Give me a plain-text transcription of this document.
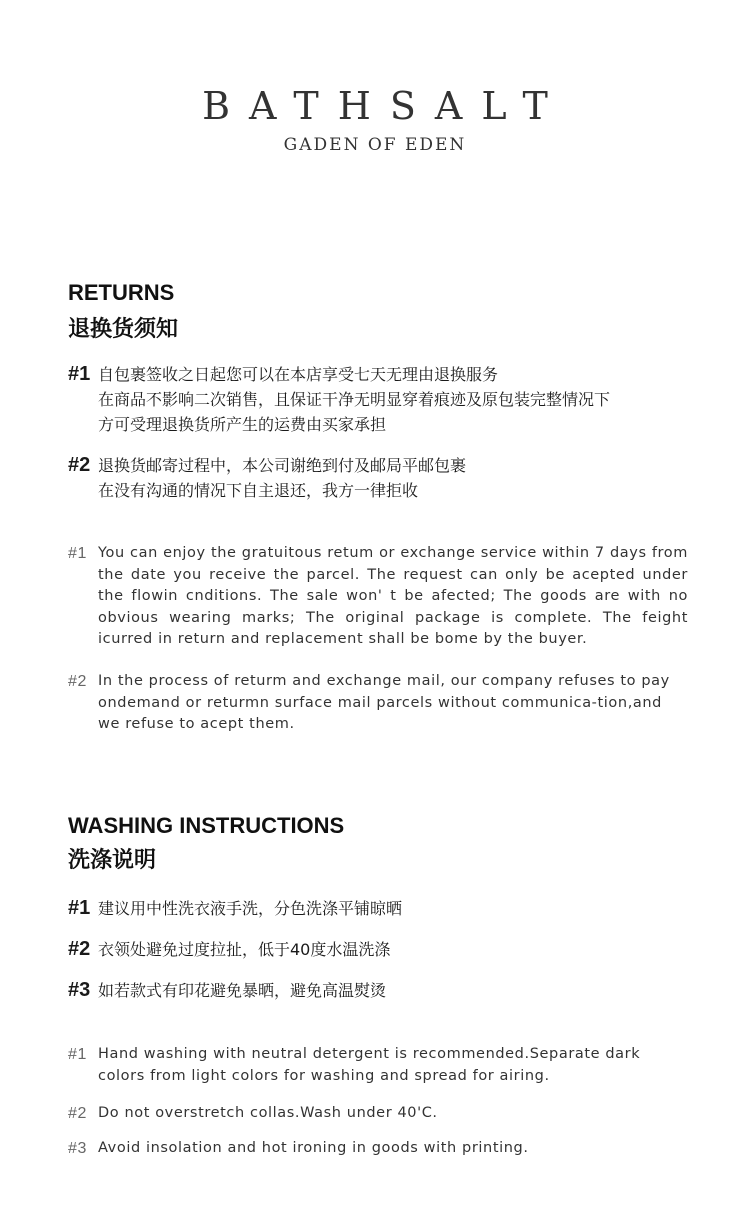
BATHSALT
GADEN OF EDEN
RETURNS
退换货须知
#1 自包裹签收之日起您可以在本店享受七天无理由退换服务
在商品不影响二次销售，且保证干净无明显穿着痕迹及原包装完整情况下
方可受理退换货所产生的运费由买家承担
#2 退换货邮寄过程中，本公司谢绝到付及邮局平邮包裹
在没有沟通的情况下自主退还，我方一律拒收
#1 You can enjoy the gratuitous retum or exchange service within 7 days from the date you receive the parcel. The request can only be acepted under the flowin cnditions. The sale won' t be afected; The goods are with no obvious wearing marks; The original package is complete. The feight icurred in return and replacement shall be bome by the buyer.
#2 In the process of returm and exchange mail, our company refuses to pay ondemand or returmn surface mail parcels without communica-tion,and we refuse to acept them.
WASHING INSTRUCTIONS
洗涤说明
#1 建议用中性洗衣液手洗，分色洗涤平铺晾晒
#2 衣领处避免过度拉扯，低于40度水温洗涤
#3 如若款式有印花避免暴晒，避免高温熨烫
#1 Hand washing with neutral detergent is recommended.Separate dark colors from light colors for washing and spread for airing.
#2 Do not overstretch collas.Wash under 40'C.
#3 Avoid insolation and hot ironing in goods with printing.
